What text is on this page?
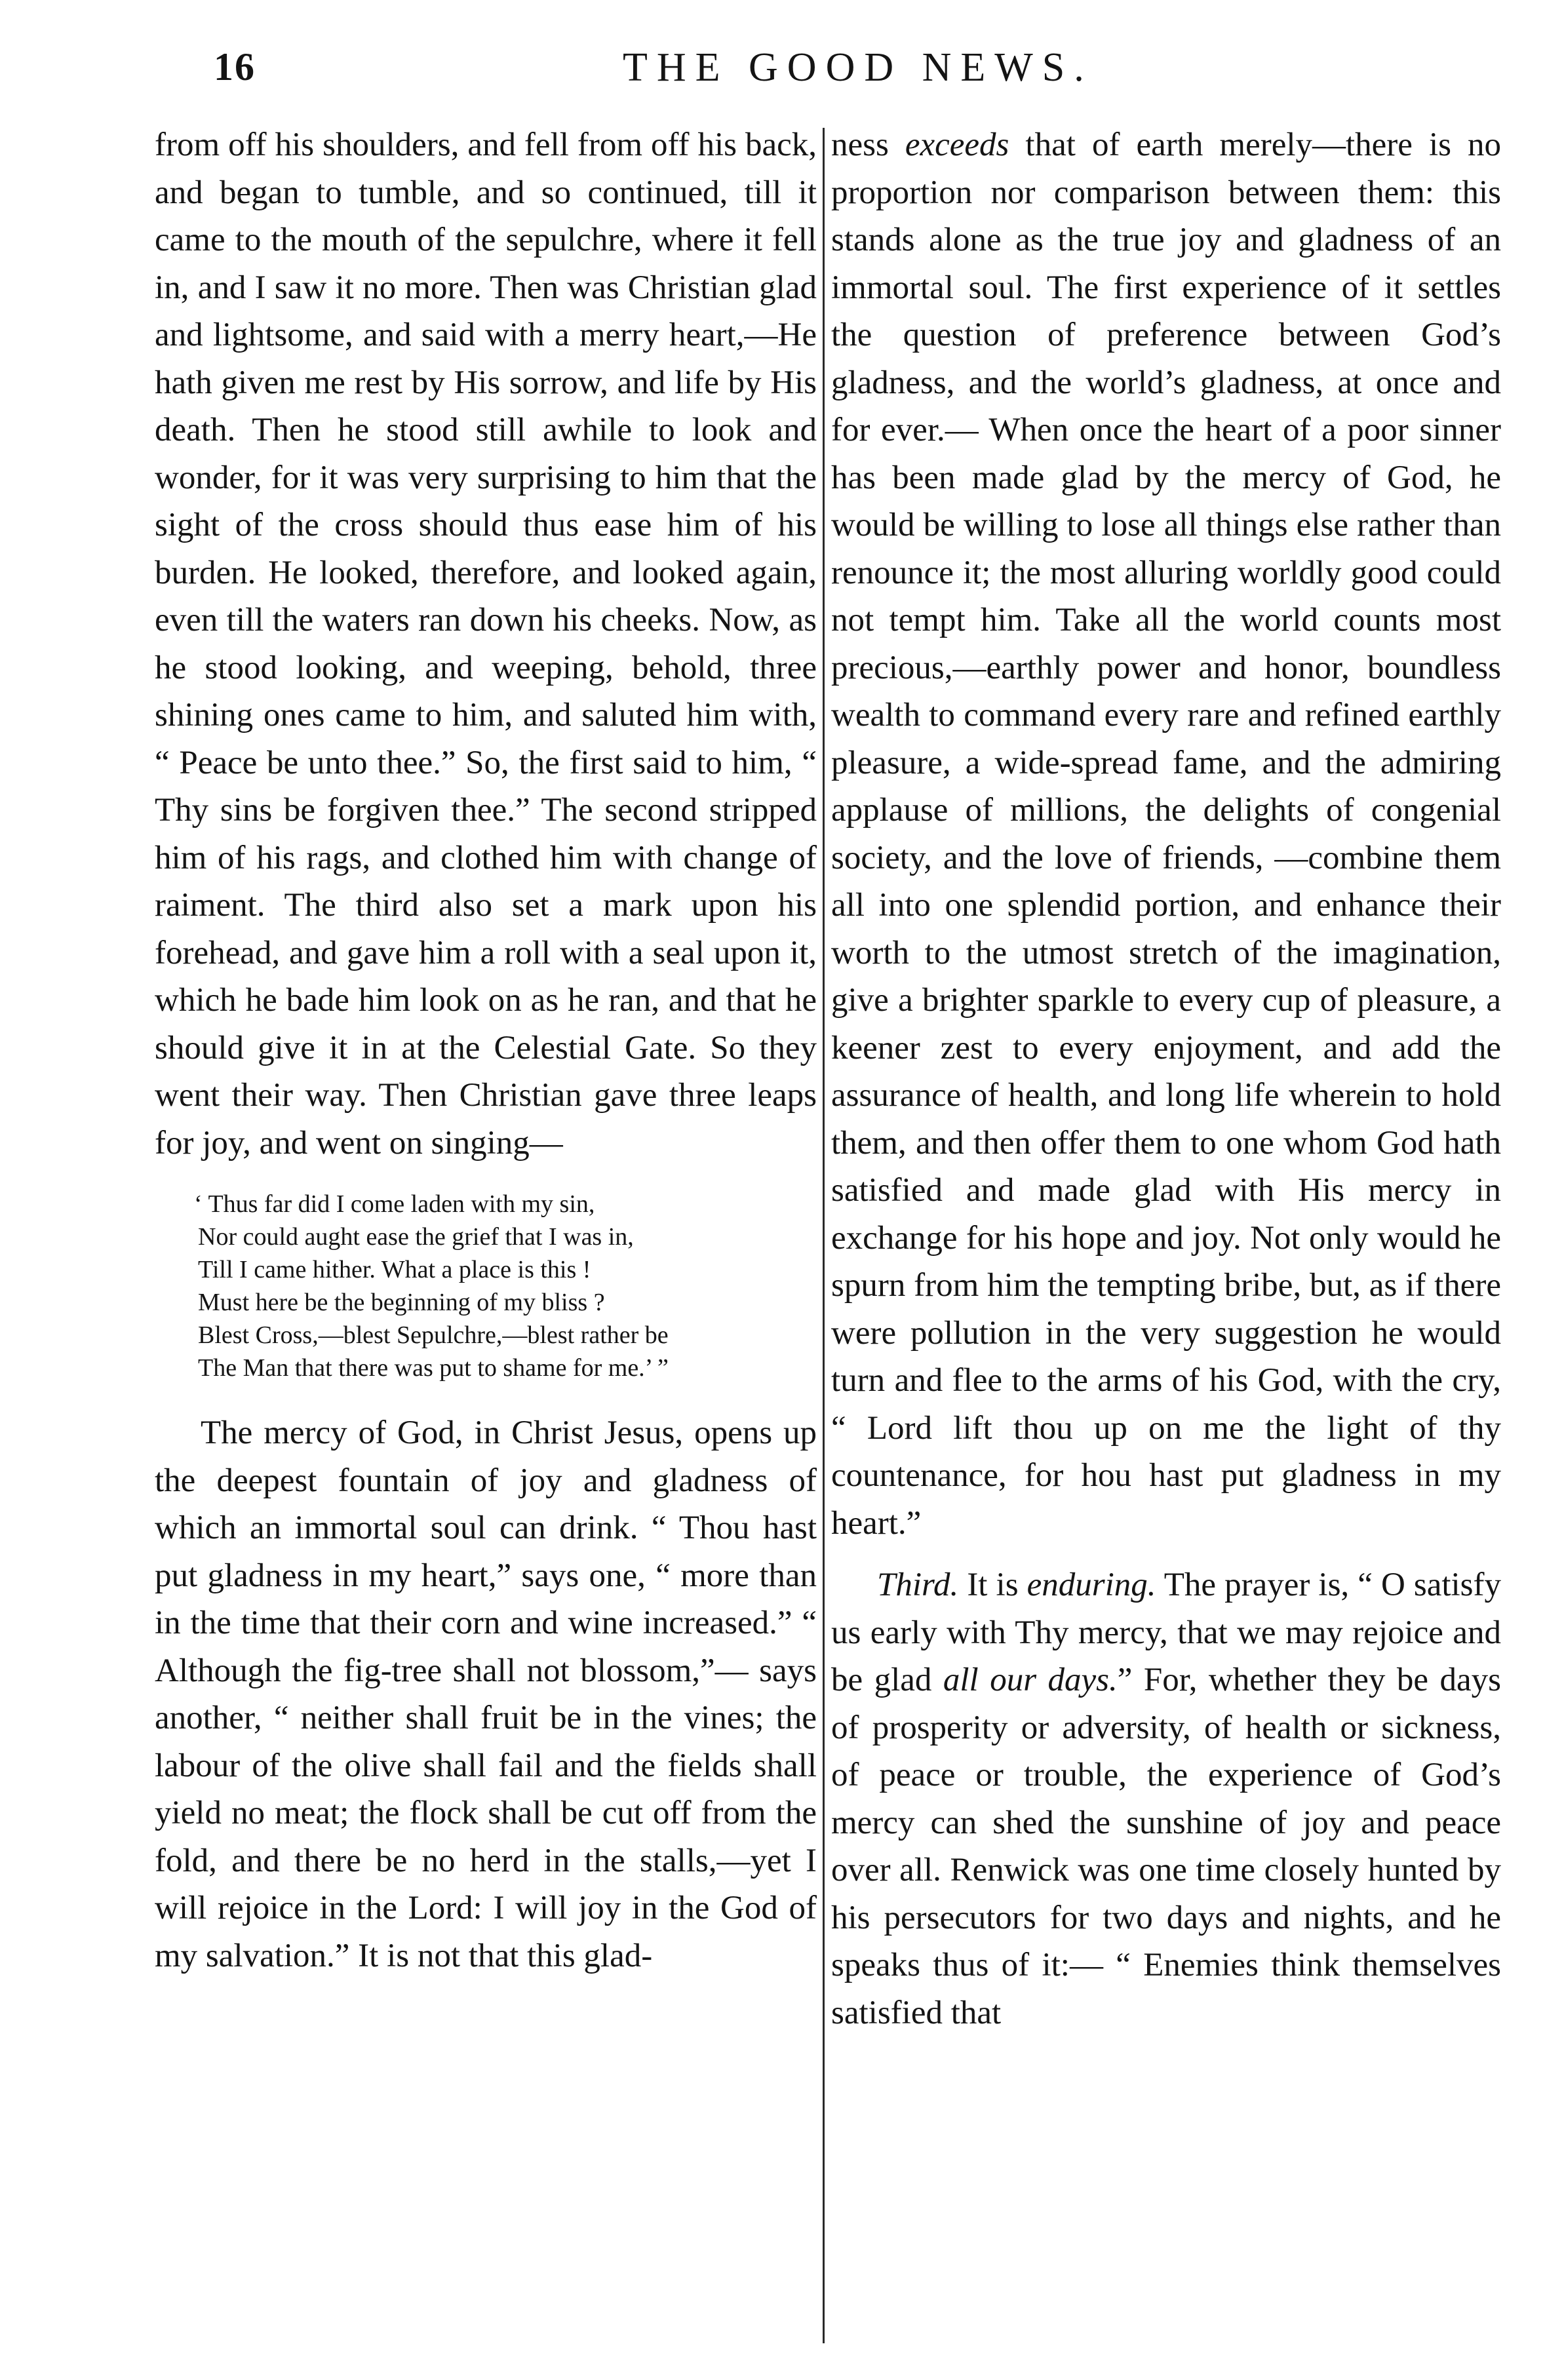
16	THE GOOD NEWS.

from off his shoulders, and fell from off his back, and began to tumble, and so continued, till it came to the mouth of the sepulchre, where it fell in, and I saw it no more. Then was Christian glad and lightsome, and said with a merry heart,—He hath given me rest by His sorrow, and life by His death. Then he stood still awhile to look and wonder, for it was very surprising to him that the sight of the cross should thus ease him of his burden. He looked, therefore, and looked again, even till the waters ran down his cheeks. Now, as he stood looking, and weeping, behold, three shining ones came to him, and saluted him with, “ Peace be unto thee.” So, the first said to him, “ Thy sins be forgiven thee.” The second stripped him of his rags, and clothed him with change of raiment. The third also set a mark upon his forehead, and gave him a roll with a seal upon it, which he bade him look on as he ran, and that he should give it in at the Celestial Gate. So they went their way. Then Christian gave three leaps for joy, and went on singing—

‘ Thus far did I come laden with my sin,
Nor could aught ease the grief that I was in,
Till I came hither. What a place is this !
Must here be the beginning of my bliss ?
Blest Cross,—blest Sepulchre,—blest rather be
The Man that there was put to shame for me.’ ”

The mercy of God, in Christ Jesus, opens up the deepest fountain of joy and gladness of which an immortal soul can drink. “ Thou hast put gladness in my heart,” says one, “ more than in the time that their corn and wine increased.” “ Although the fig-tree shall not blossom,”— says another, “ neither shall fruit be in the vines; the labour of the olive shall fail and the fields shall yield no meat; the flock shall be cut off from the fold, and there be no herd in the stalls,—yet I will rejoice in the Lord: I will joy in the God of my salvation.” It is not that this glad-

ness exceeds that of earth merely—there is no proportion nor comparison between them: this stands alone as the true joy and gladness of an immortal soul. The first experience of it settles the question of preference between God’s gladness, and the world’s gladness, at once and for ever.— When once the heart of a poor sinner has been made glad by the mercy of God, he would be willing to lose all things else rather than renounce it; the most alluring worldly good could not tempt him. Take all the world counts most precious,—earthly power and honor, boundless wealth to command every rare and refined earthly pleasure, a wide-spread fame, and the admiring applause of millions, the delights of congenial society, and the love of friends, —combine them all into one splendid portion, and enhance their worth to the utmost stretch of the imagination, give a brighter sparkle to every cup of pleasure, a keener zest to every enjoyment, and add the assurance of health, and long life wherein to hold them, and then offer them to one whom God hath satisfied and made glad with His mercy in exchange for his hope and joy. Not only would he spurn from him the tempting bribe, but, as if there were pollution in the very suggestion he would turn and flee to the arms of his God, with the cry, “ Lord lift thou up on me the light of thy countenance, for hou hast put gladness in my heart.”

Third. It is enduring. The prayer is, “ O satisfy us early with Thy mercy, that we may rejoice and be glad all our days.” For, whether they be days of prosperity or adversity, of health or sickness, of peace or trouble, the experience of God’s mercy can shed the sunshine of joy and peace over all. Renwick was one time closely hunted by his persecutors for two days and nights, and he speaks thus of it:— “ Enemies think themselves satisfied that
